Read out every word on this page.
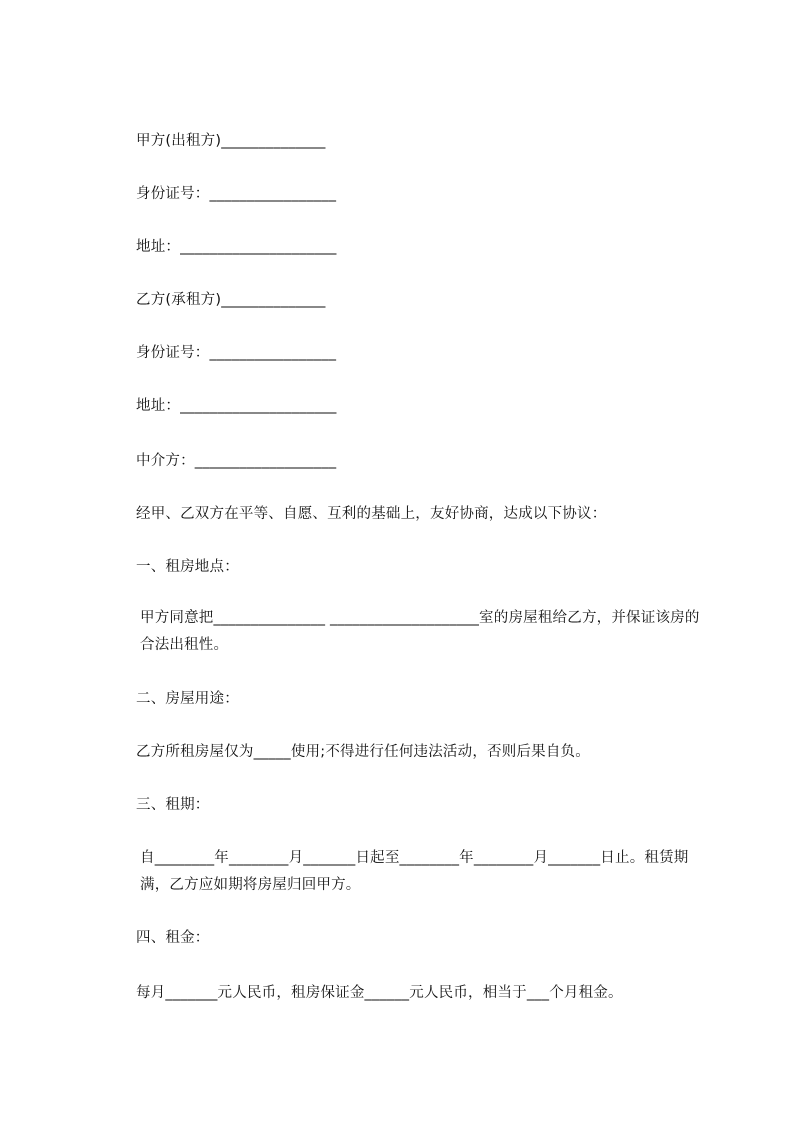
甲方(出租方)______________
身份证号：_________________
地址：_____________________
乙方(承租方)______________
身份证号：_________________
地址：_____________________
中介方：___________________
经甲、乙双方在平等、自愿、互利的基础上，友好协商，达成以下协议：
一、租房地点：
甲方同意把_______________ ____________________室的房屋租给乙方，并保证该房的合法出租性。
二、房屋用途：
乙方所租房屋仅为_____使用;不得进行任何违法活动，否则后果自负。
三、租期：
自________年________月_______日起至________年________月_______日止。租赁期满，乙方应如期将房屋归回甲方。
四、租金：
每月_______元人民币，租房保证金______元人民币，相当于___个月租金。
